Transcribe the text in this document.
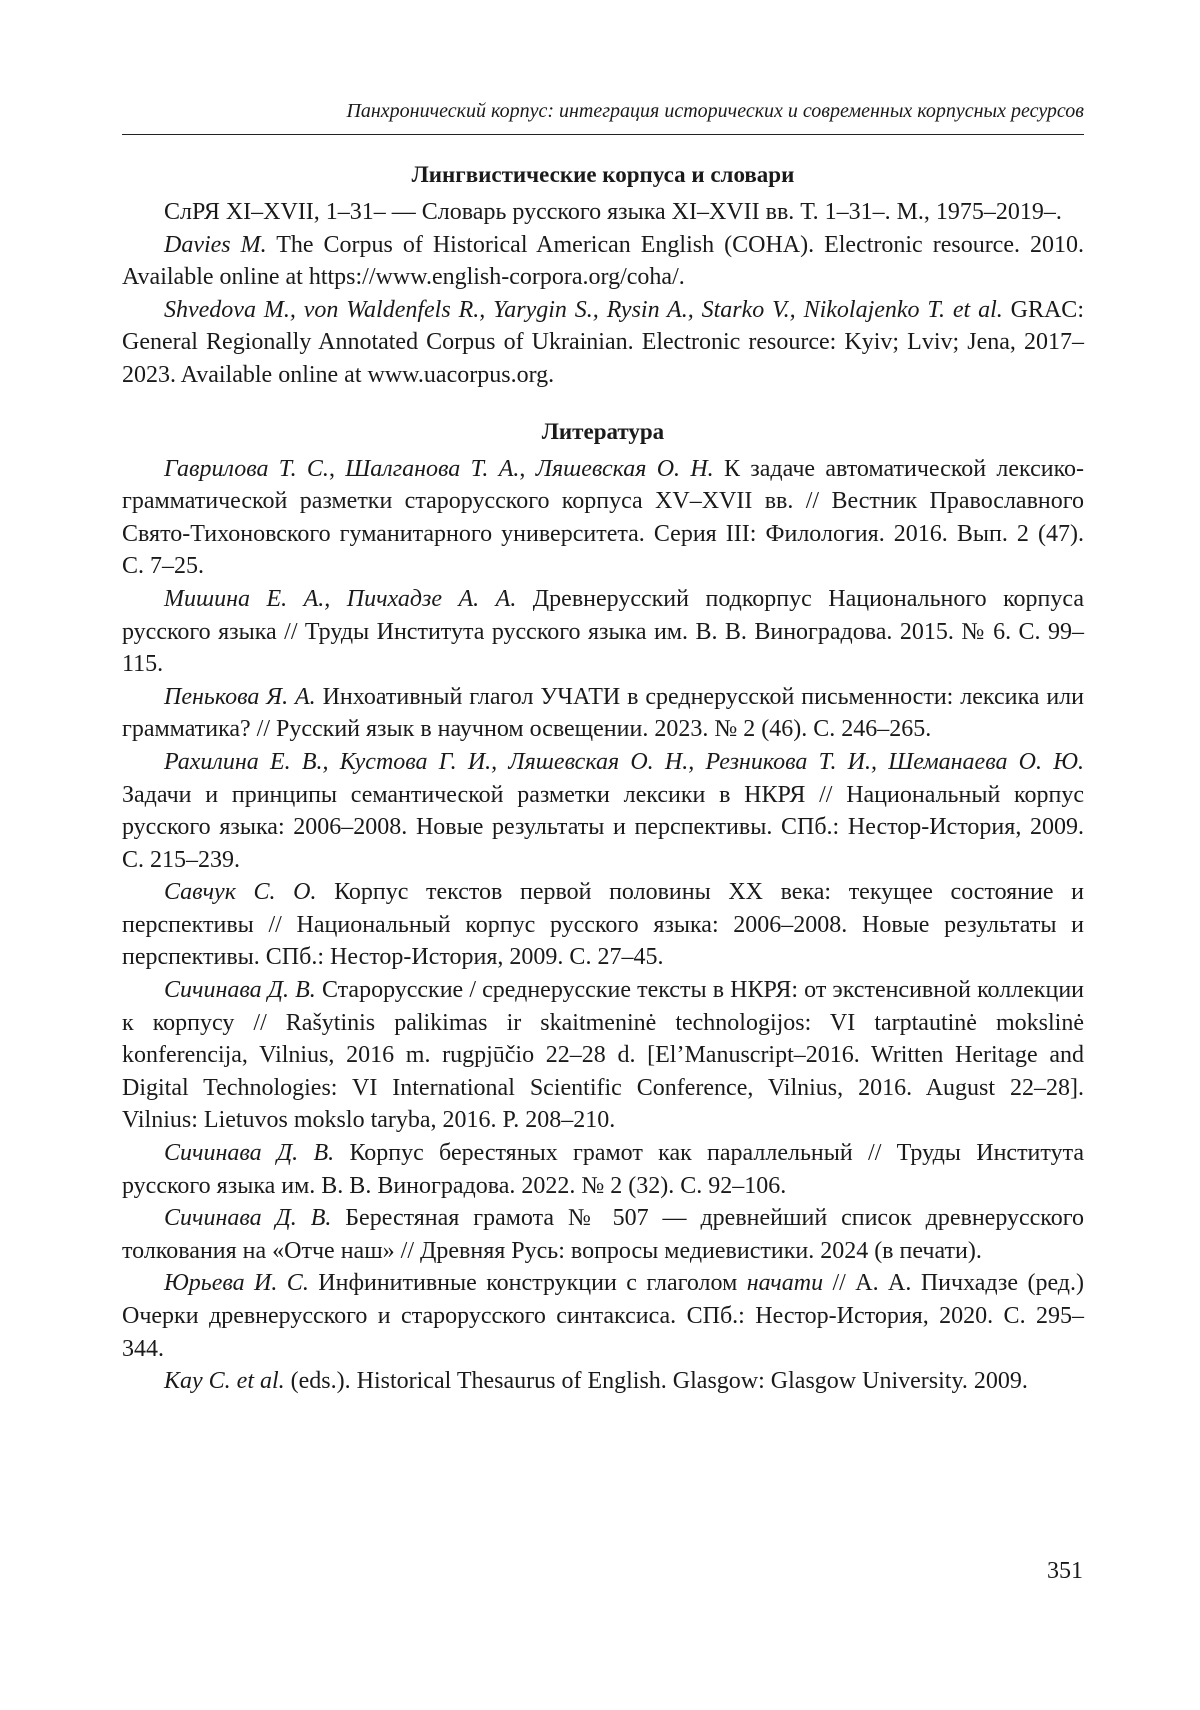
Панхронический корпус: интеграция исторических и современных корпусных ресурсов
Лингвистические корпуса и словари

СлРЯ XI–XVII, 1–31– — Словарь русского языка XI–XVII вв. Т. 1–31–. М., 1975–2019–.

Davies M. The Corpus of Historical American English (COHA). Electronic resource. 2010. Available online at https://www.english-corpora.org/coha/.

Shvedova M., von Waldenfels R., Yarygin S., Rysin A., Starko V., Nikolajenko T. et al. GRAC: General Regionally Annotated Corpus of Ukrainian. Electronic resource: Kyiv; Lviv; Jena, 2017–2023. Available online at www.uacorpus.org.

Литература

Гаврилова Т. С., Шалганова Т. А., Ляшевская О. Н. К задаче автоматической лексико-грамматической разметки старорусского корпуса XV–XVII вв. // Вестник Православного Свято-Тихоновского гуманитарного университета. Серия III: Филология. 2016. Вып. 2 (47). С. 7–25.

Мишина Е. А., Пичхадзе А. А. Древнерусский подкорпус Национального корпуса русского языка // Труды Института русского языка им. В. В. Виноградова. 2015. № 6. С. 99–115.

Пенькова Я. А. Инхоативный глагол УЧАТИ в среднерусской письменности: лексика или грамматика? // Русский язык в научном освещении. 2023. № 2 (46). С. 246–265.

Рахилина Е. В., Кустова Г. И., Ляшевская О. Н., Резникова Т. И., Шеманаева О. Ю. Задачи и принципы семантической разметки лексики в НКРЯ // Национальный корпус русского языка: 2006–2008. Новые результаты и перспективы. СПб.: Нестор-История, 2009. С. 215–239.

Савчук С. О. Корпус текстов первой половины XX века: текущее состояние и перспективы // Национальный корпус русского языка: 2006–2008. Новые результаты и перспективы. СПб.: Нестор-История, 2009. С. 27–45.

Сичинава Д. В. Старорусские / среднерусские тексты в НКРЯ: от экстенсивной коллекции к корпусу // Rašytinis palikimas ir skaitmeninė technologijos: VI tarptautinė mokslinė konferencija, Vilnius, 2016 m. rugpjūčio 22–28 d. [El’Manuscript–2016. Written Heritage and Digital Technologies: VI International Scientific Conference, Vilnius, 2016. August 22–28]. Vilnius: Lietuvos mokslo taryba, 2016. P. 208–210.

Сичинава Д. В. Корпус берестяных грамот как параллельный // Труды Института русского языка им. В. В. Виноградова. 2022. № 2 (32). С. 92–106.

Сичинава Д. В. Берестяная грамота № 507 — древнейший список древнерусского толкования на «Отче наш» // Древняя Русь: вопросы медиевистики. 2024 (в печати).

Юрьева И. С. Инфинитивные конструкции с глаголом начати // А. А. Пичхадзе (ред.) Очерки древнерусского и старорусского синтаксиса. СПб.: Нестор-История, 2020. С. 295–344.

Kay C. et al. (eds.). Historical Thesaurus of English. Glasgow: Glasgow University. 2009.

351
